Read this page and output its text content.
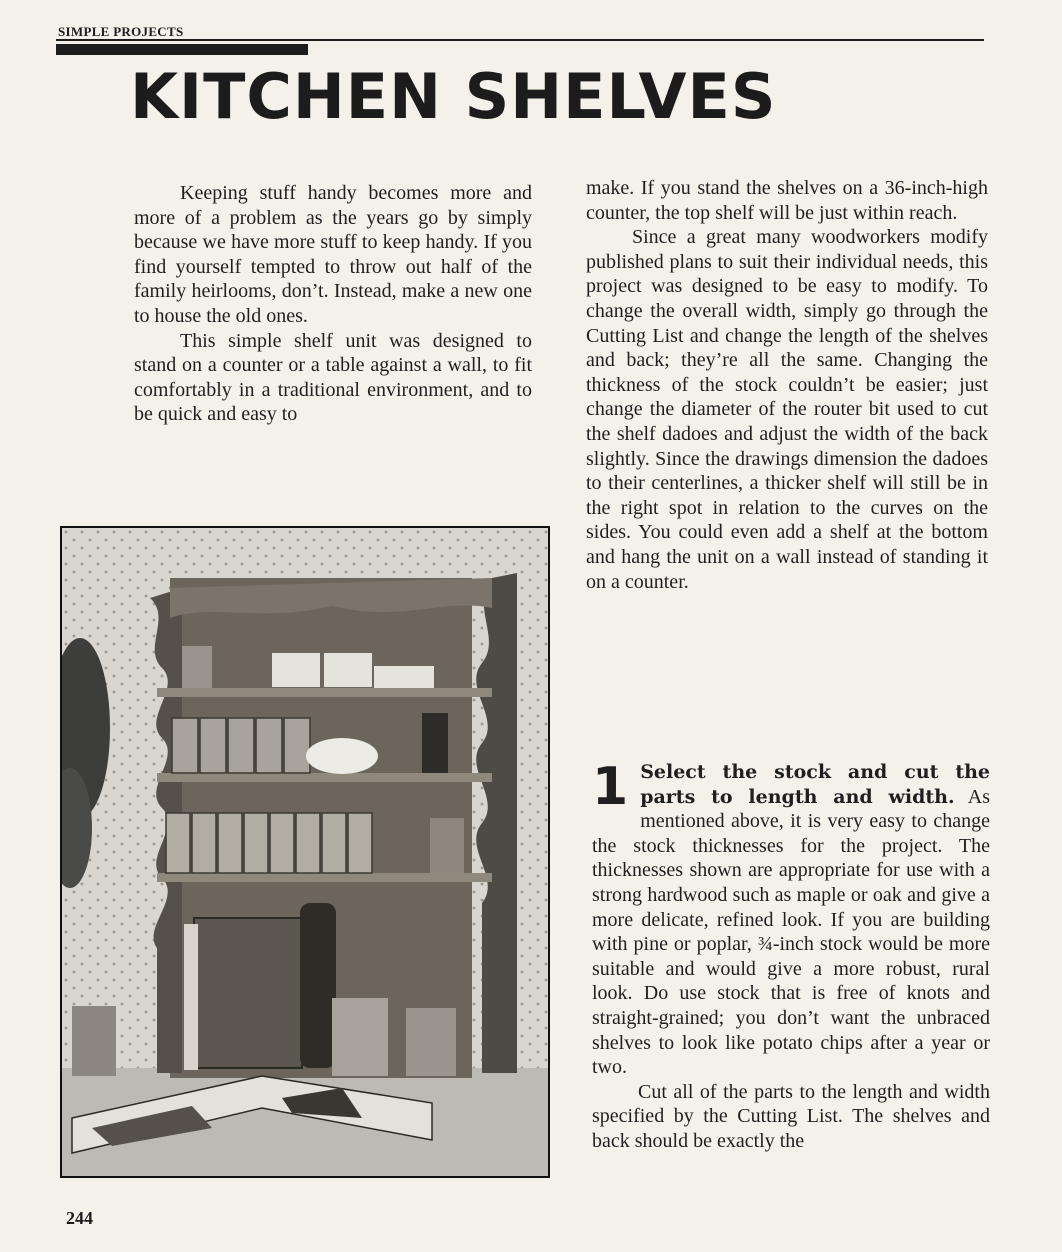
SIMPLE PROJECTS
KITCHEN SHELVES

Keeping stuff handy becomes more and more of a problem as the years go by simply because we have more stuff to keep handy. If you find yourself tempted to throw out half of the family heirlooms, don’t. Instead, make a new one to house the old ones.

This simple shelf unit was designed to stand on a counter or a table against a wall, to fit comfortably in a traditional environment, and to be quick and easy to

make. If you stand the shelves on a 36-inch-high counter, the top shelf will be just within reach.

Since a great many woodworkers modify published plans to suit their individual needs, this project was designed to be easy to modify. To change the overall width, simply go through the Cutting List and change the length of the shelves and back; they’re all the same. Changing the thickness of the stock couldn’t be easier; just change the diameter of the router bit used to cut the shelf dadoes and adjust the width of the back slightly. Since the drawings dimension the dadoes to their centerlines, a thicker shelf will still be in the right spot in relation to the curves on the sides. You could even add a shelf at the bottom and hang the unit on a wall instead of standing it on a counter.

1 Select the stock and cut the parts to length and width. As mentioned above, it is very easy to change the stock thicknesses for the project. The thicknesses shown are appropriate for use with a strong hardwood such as maple or oak and give a more delicate, refined look. If you are building with pine or poplar, ¾-inch stock would be more suitable and would give a more robust, rural look. Do use stock that is free of knots and straight-grained; you don’t want the unbraced shelves to look like potato chips after a year or two.

Cut all of the parts to the length and width specified by the Cutting List. The shelves and back should be exactly the

244
